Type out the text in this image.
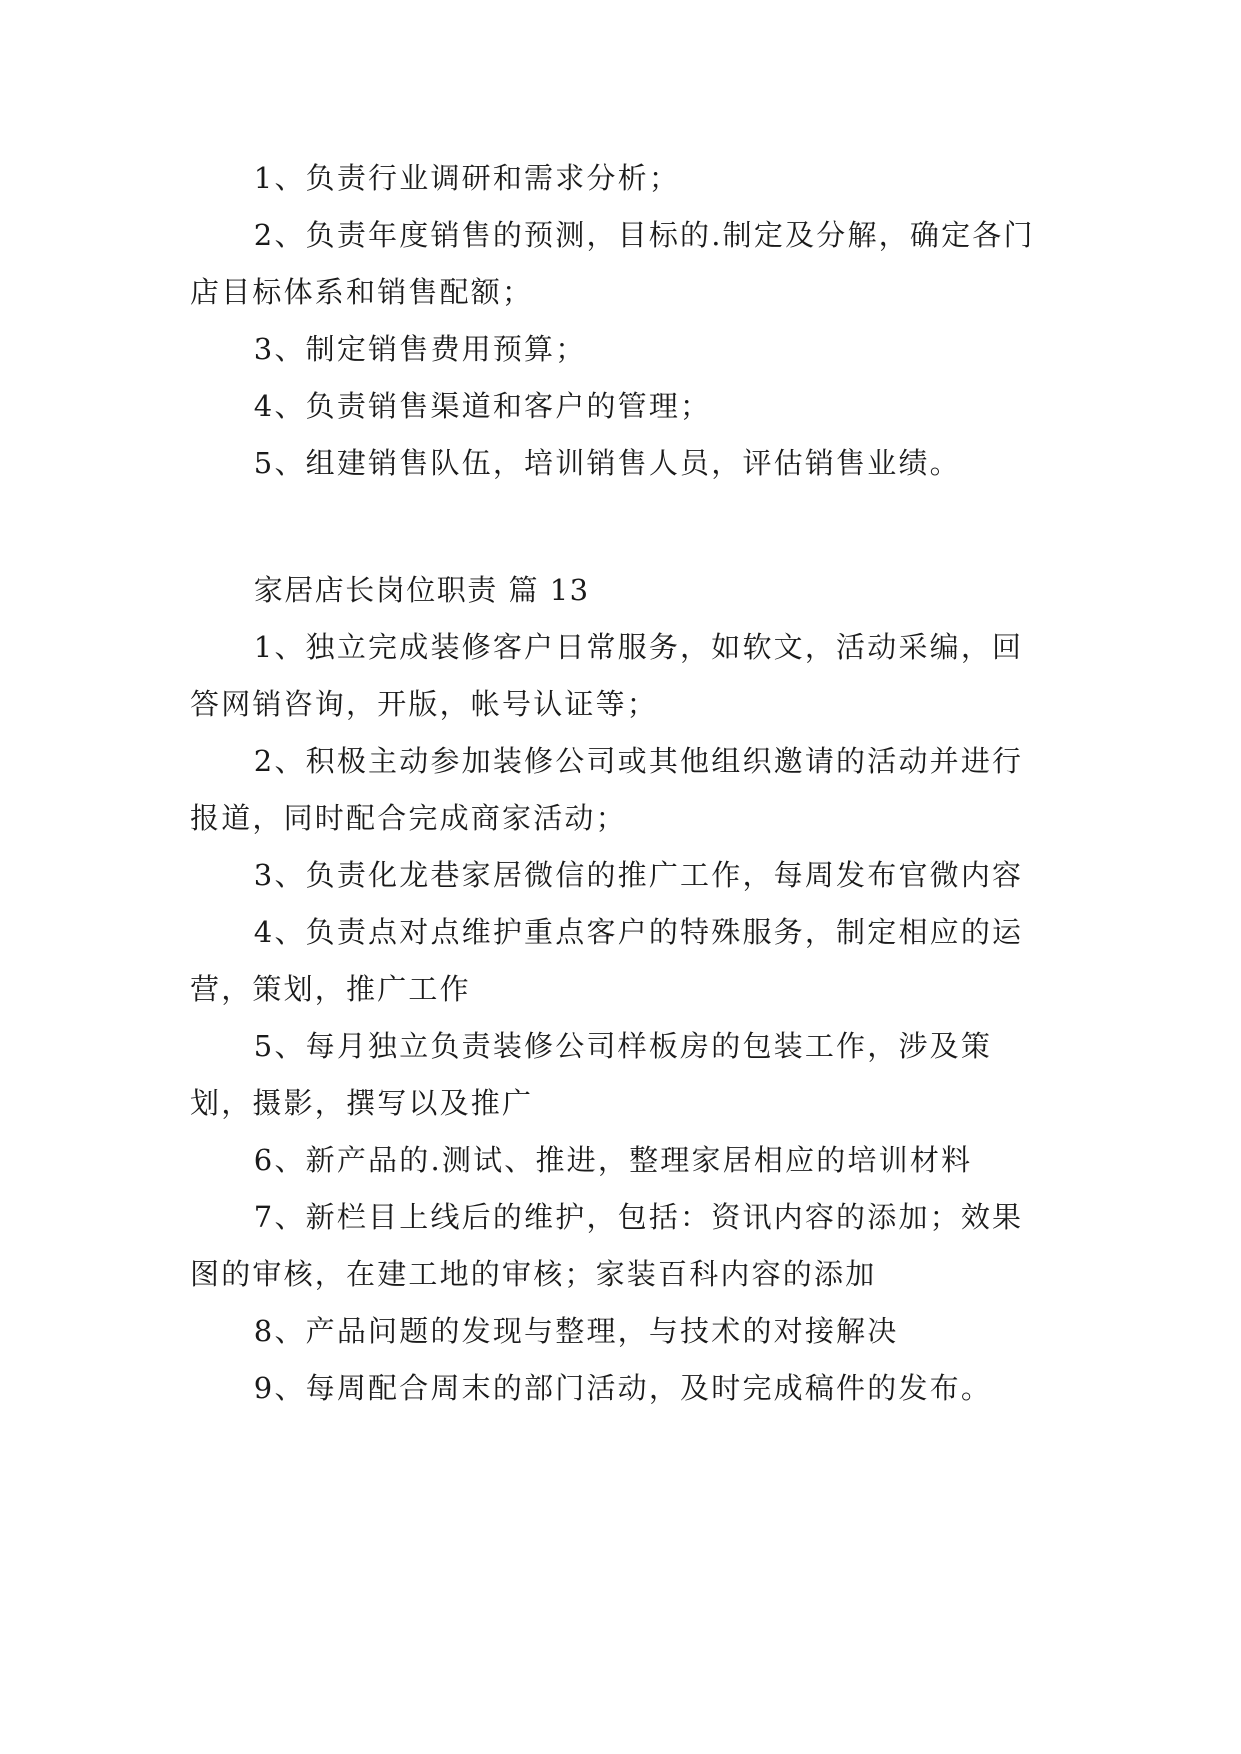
1、负责行业调研和需求分析；

2、负责年度销售的预测，目标的.制定及分解，确定各门店目标体系和销售配额；

3、制定销售费用预算；

4、负责销售渠道和客户的管理；

5、组建销售队伍，培训销售人员，评估销售业绩。

家居店长岗位职责 篇 13

1、独立完成装修客户日常服务，如软文，活动采编，回答网销咨询，开版，帐号认证等；

2、积极主动参加装修公司或其他组织邀请的活动并进行报道，同时配合完成商家活动；

3、负责化龙巷家居微信的推广工作，每周发布官微内容

4、负责点对点维护重点客户的特殊服务，制定相应的运营，策划，推广工作

5、每月独立负责装修公司样板房的包装工作，涉及策划，摄影，撰写以及推广

6、新产品的.测试、推进，整理家居相应的培训材料

7、新栏目上线后的维护，包括：资讯内容的添加；效果图的审核，在建工地的审核；家装百科内容的添加

8、产品问题的发现与整理，与技术的对接解决

9、每周配合周末的部门活动，及时完成稿件的发布。
